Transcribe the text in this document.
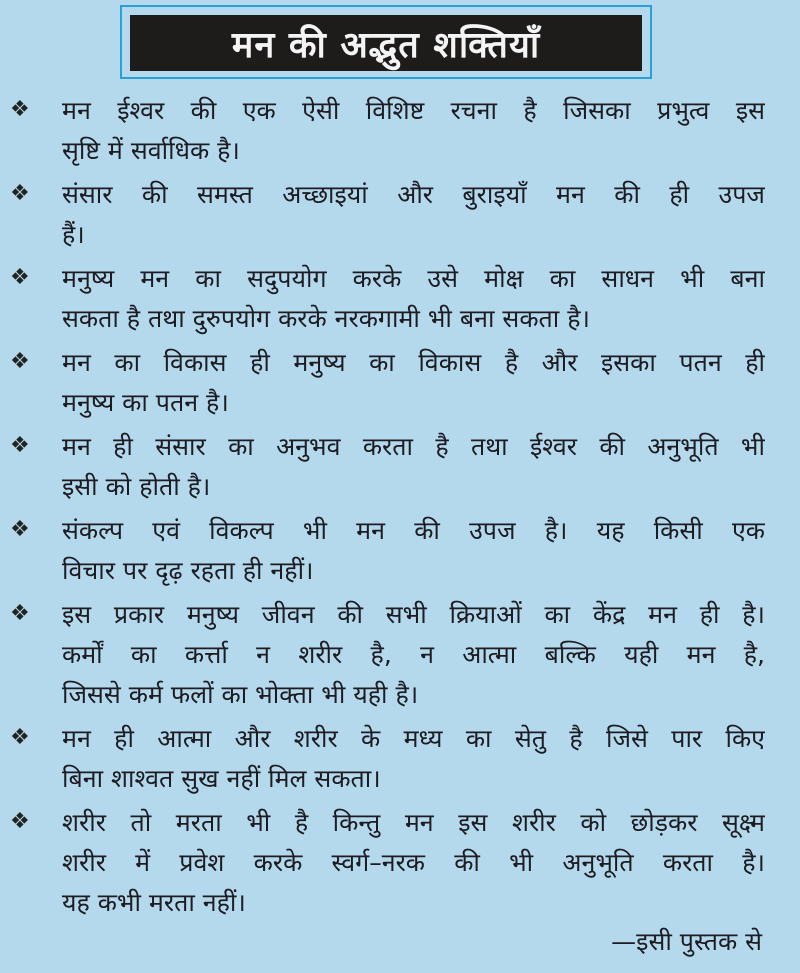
मन की अद्भुत शक्तियाँ
❖ मन ईश्वर की एक ऐसी विशिष्ट रचना है जिसका प्रभुत्व इस
सृष्टि में सर्वाधिक है।
❖ संसार की समस्त अच्छाइयां और बुराइयाँ मन की ही उपज
हैं।
❖ मनुष्य मन का सदुपयोग करके उसे मोक्ष का साधन भी बना
सकता है तथा दुरुपयोग करके नरकगामी भी बना सकता है।
❖ मन का विकास ही मनुष्य का विकास है और इसका पतन ही
मनुष्य का पतन है।
❖ मन ही संसार का अनुभव करता है तथा ईश्वर की अनुभूति भी
इसी को होती है।
❖ संकल्प एवं विकल्प भी मन की उपज है। यह किसी एक
विचार पर दृढ़ रहता ही नहीं।
❖ इस प्रकार मनुष्य जीवन की सभी क्रियाओं का केंद्र मन ही है।
कर्मों का कर्त्ता न शरीर है, न आत्मा बल्कि यही मन है,
जिससे कर्म फलों का भोक्ता भी यही है।
❖ मन ही आत्मा और शरीर के मध्य का सेतु है जिसे पार किए
बिना शाश्वत सुख नहीं मिल सकता।
❖ शरीर तो मरता भी है किन्तु मन इस शरीर को छोड़कर सूक्ष्म
शरीर में प्रवेश करके स्वर्ग–नरक की भी अनुभूति करता है।
यह कभी मरता नहीं।
—इसी पुस्तक से
